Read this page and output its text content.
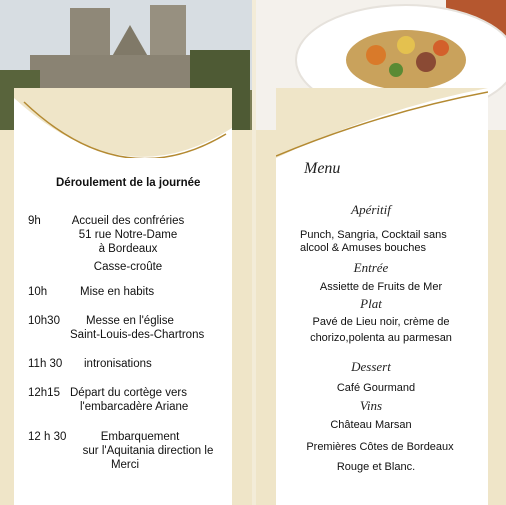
Déroulement de la journée
9h	Accueil des confréries
51 rue Notre-Dame
à Bordeaux
Casse-croûte
10h	Mise en habits
10h30 Messe en l'église
Saint-Louis-des-Chartrons
11h 30 intronisations
12h15 Départ du cortège vers
l'embarcadère Ariane
12 h 30	Embarquement
sur l'Aquitania direction le
Merci
Menu
Apéritif
Punch, Sangria, Cocktail sans
alcool & Amuses bouches
Entrée
Assiette de Fruits de Mer
Plat
Pavé de Lieu noir, crème de
chorizo,polenta au parmesan
Dessert
Café Gourmand
Vins
Château Marsan
Premières Côtes de Bordeaux
Rouge et Blanc.
